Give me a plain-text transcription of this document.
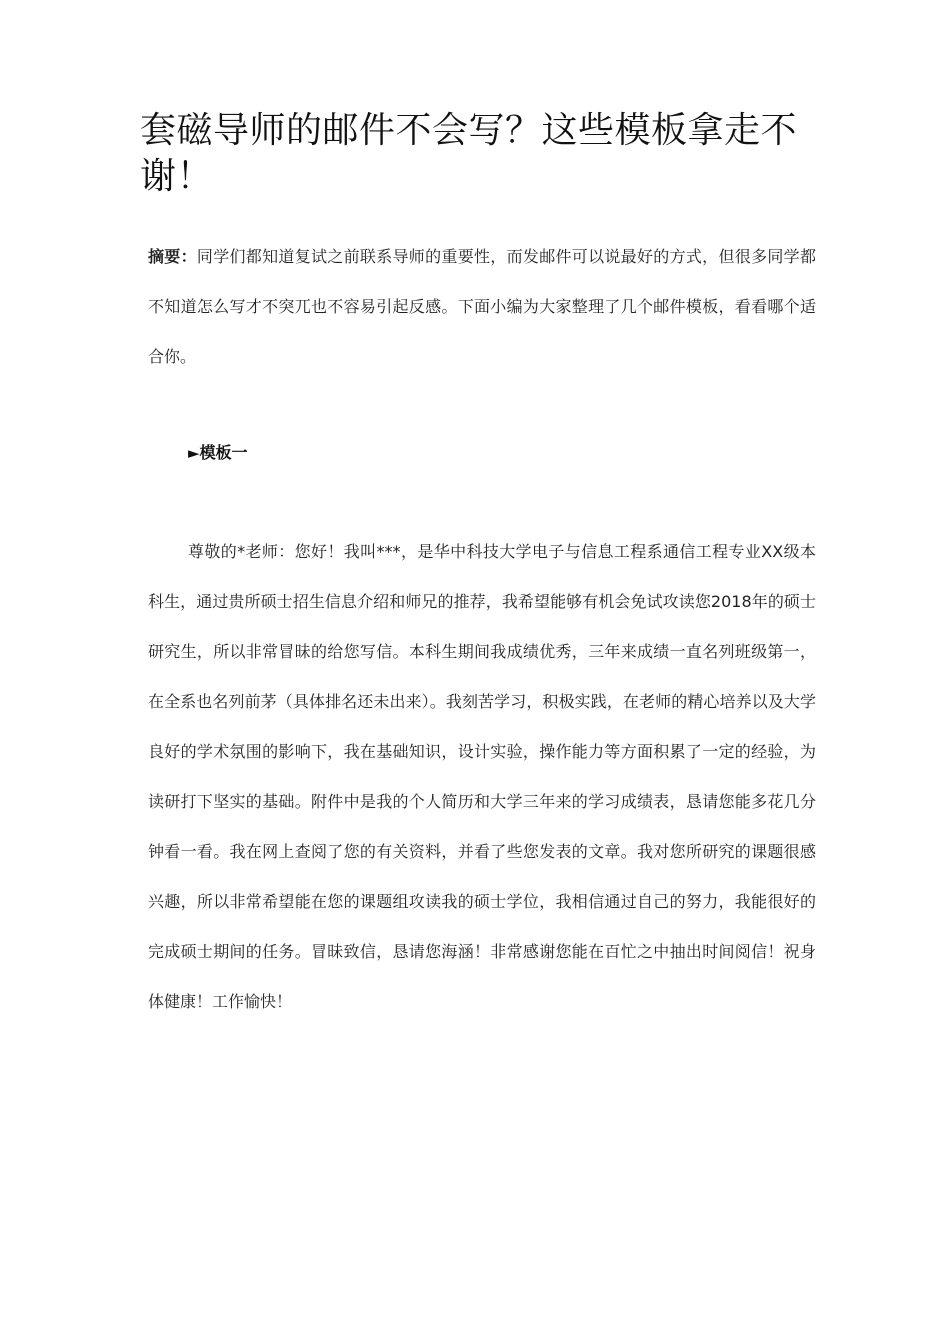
套磁导师的邮件不会写？这些模板拿走不谢！

摘要：同学们都知道复试之前联系导师的重要性，而发邮件可以说最好的方式，但很多同学都不知道怎么写才不突兀也不容易引起反感。下面小编为大家整理了几个邮件模板，看看哪个适合你。

►模板一

尊敬的*老师：您好！我叫***，是华中科技大学电子与信息工程系通信工程专业XX级本科生，通过贵所硕士招生信息介绍和师兄的推荐，我希望能够有机会免试攻读您2018年的硕士研究生，所以非常冒昧的给您写信。本科生期间我成绩优秀，三年来成绩一直名列班级第一，在全系也名列前茅（具体排名还未出来）。我刻苦学习，积极实践，在老师的精心培养以及大学良好的学术氛围的影响下，我在基础知识，设计实验，操作能力等方面积累了一定的经验，为读研打下坚实的基础。附件中是我的个人简历和大学三年来的学习成绩表，恳请您能多花几分钟看一看。我在网上查阅了您的有关资料，并看了些您发表的文章。我对您所研究的课题很感兴趣，所以非常希望能在您的课题组攻读我的硕士学位，我相信通过自己的努力，我能很好的完成硕士期间的任务。冒昧致信，恳请您海涵！非常感谢您能在百忙之中抽出时间阅信！祝身体健康！工作愉快！
